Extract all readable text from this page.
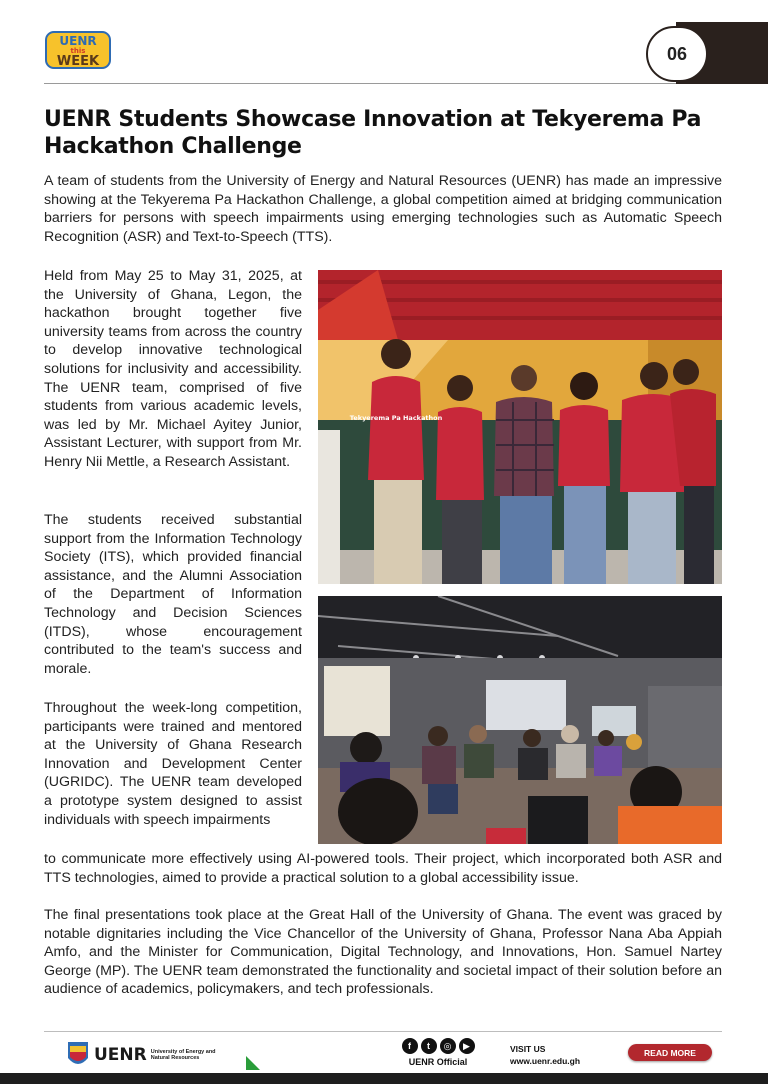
UENR
this
WEEK	06
UENR Students Showcase Innovation at Tekyerema Pa Hackathon Challenge

A team of students from the University of Energy and Natural Resources (UENR) has made an impressive showing at the Tekyerema Pa Hackathon Challenge, a global competition aimed at bridging communication barriers for persons with speech impairments using emerging technologies such as Automatic Speech Recognition (ASR) and Text-to-Speech (TTS).

Held from May 25 to May 31, 2025, at the University of Ghana, Legon, the hackathon brought together five university teams from across the country to develop innovative technological solutions for inclusivity and accessibility. The UENR team, comprised of five students from various academic levels, was led by Mr. Michael Ayitey Junior, Assistant Lecturer, with support from Mr. Henry Nii Mettle, a Research Assistant.

The students received substantial support from the Information Technology Society (ITS), which provided financial assistance, and the Alumni Association of the Department of Information Technology and Decision Sciences (ITDS), whose encouragement contributed to the team's success and morale.

Throughout the week-long competition, participants were trained and mentored at the University of Ghana Research Innovation and Development Center (UGRIDC). The UENR team developed a prototype system designed to assist individuals with speech impairments

to communicate more effectively using AI-powered tools. Their project, which incorporated both ASR and TTS technologies, aimed to provide a practical solution to a global accessibility issue.

The final presentations took place at the Great Hall of the University of Ghana. The event was graced by notable dignitaries including the Vice Chancellor of the University of Ghana, Professor Nana Aba Appiah Amfo, and the Minister for Communication, Digital Technology, and Innovations, Hon. Samuel Nartey George (MP). The UENR team demonstrated the functionality and societal impact of their solution before an audience of academics, policymakers, and tech professionals.

Tekyerema Pa Hackathon
UENR University of Energy and Natural Resources
f	t	◎	▶
UENR Official
VISIT US
www.uenr.edu.gh
READ MORE
